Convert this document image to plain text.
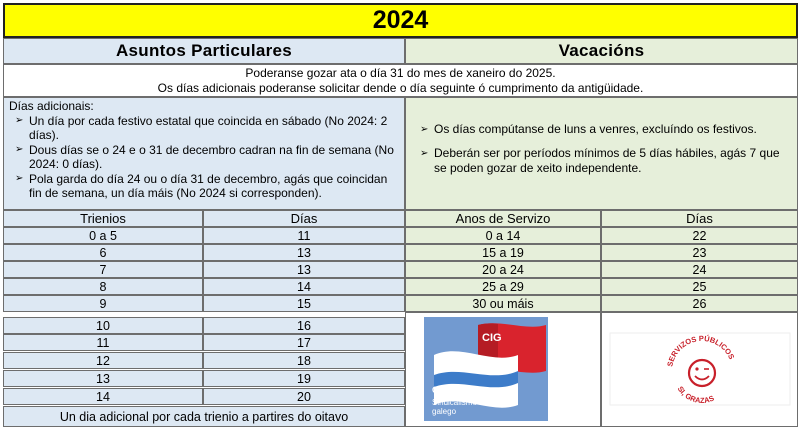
2024
Asuntos Particulares	Vacacións
Poderanse gozar ata o día 31 do mes de xaneiro do 2025.
Os días adicionais poderanse solicitar dende o día seguinte ó cumprimento da antigüidade.
Días adicionais:
➢ Un día por cada festivo estatal que coincida en sábado (No 2024: 2 días).
➢ Dous días se o 24 e o 31 de decembro cadran na fin de semana (No 2024: 0 días).
➢ Pola garda do día 24 ou o día 31 de decembro, agás que coincidan fin de semana, un día máis (No 2024 si corresponden).
➢ Os días compútanse de luns a venres, excluíndo os festivos.
➢ Deberán ser por períodos mínimos de 5 días hábiles, agás 7 que se poden gozar de xeito independente.
Trienios	Días
0 a 5	11
6	13
7	13
8	14
9	15
10	16
11	17
12	18
13	19
14	20
Un dia adicional por cada trienio a partires do oitavo
Anos de Servizo	Días
0 a 14	22
15 a 19	23
20 a 24	24
25 a 29	25
30 ou máis	26
CIG
CIG
Sindicalismo
galego
SERVIZOS PÚBLICOS
SI, GRAZAS
